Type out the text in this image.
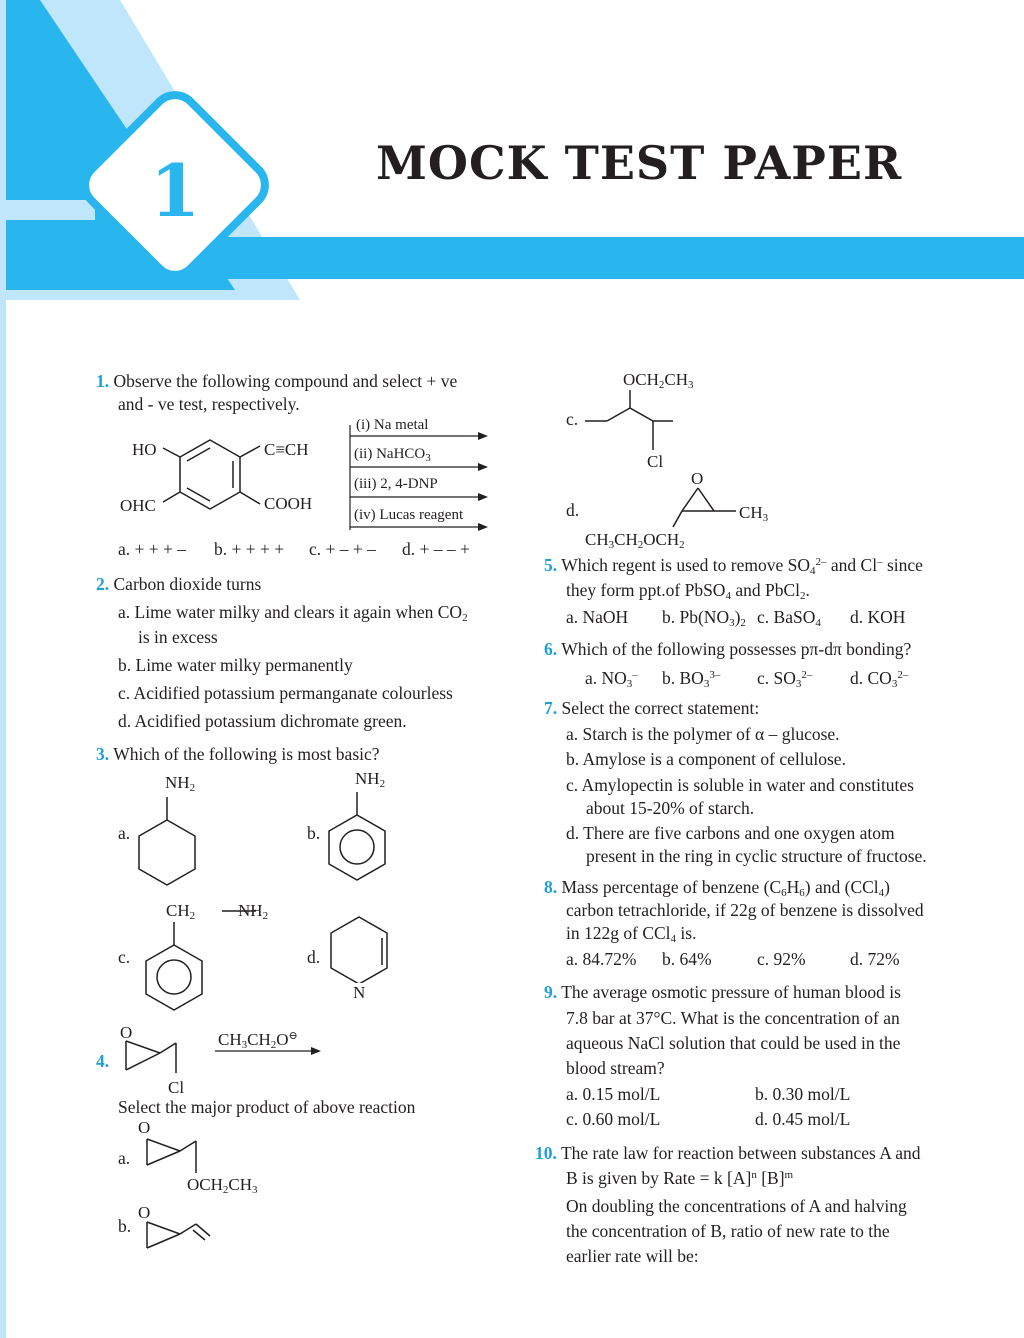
1	MOCK TEST PAPER
1. Observe the following compound and select + ve
and - ve test, respectively.
HO	C≡CH
OHC	COOH
(i) Na metal
(ii) NaHCO$_3$
(iii) 2, 4-DNP
(iv) Lucas reagent
a. + + + – b. + + + + c. + – + – d. + – – +
2. Carbon dioxide turns
a. Lime water milky and clears it again when $CO_2$
is in excess
b. Lime water milky permanently
c. Acidified potassium permanganate colourless
d. Acidified potassium dichromate green.
3. Which of the following is most basic?
$NH_2$
a.
$NH_2$
b.
$CH_2$	$NH_2$
c.	d.
N
4.
O
Cl
$CH_3CH_2O^⊖$
Select the major product of above reaction
O
a.
$OCH_2CH_3$
O
b.
$OCH_2CH_3$
c.
Cl
d.
O
$CH_3$
$CH_3CH_2OCH_2$
5. Which regent is used to remove $SO_4^{2-}$ and Cl– since
they form ppt.of PbSO$_4$ and PbCl$_2$.
a. NaOH b. $Pb(NO_3)_2$ c. BaSO$_4$ d. KOH
6. Which of the following possesses pπ-dπ bonding?
a. $NO_3^-$ b. $BO_3^{3-}$ c. $SO_3^{2-}$ d. $CO_3^{2-}$
7. Select the correct statement:
a. Starch is the polymer of α – glucose.
b. Amylose is a component of cellulose.
c. Amylopectin is soluble in water and constitutes
about 15-20% of starch.
d. There are five carbons and one oxygen atom
present in the ring in cyclic structure of fructose.
8. Mass percentage of benzene $(C_6H_6)$ and (CCl$_4$)
carbon tetrachloride, if 22g of benzene is dissolved
in 122g of CCl$_4$ is.
a. 84.72% b. 64%	c. 92%	d. 72%
9. The average osmotic pressure of human blood is
7.8 bar at 37°C. What is the concentration of an
aqueous NaCl solution that could be used in the
blood stream?
a. 0.15 mol/L	b. 0.30 mol/L
c. 0.60 mol/L	d. 0.45 mol/L
10. The rate law for reaction between substances A and
B is given by Rate = k $[A]^n$ $[B]^m$
On doubling the concentrations of A and halving
the concentration of B, ratio of new rate to the
earlier rate will be:
